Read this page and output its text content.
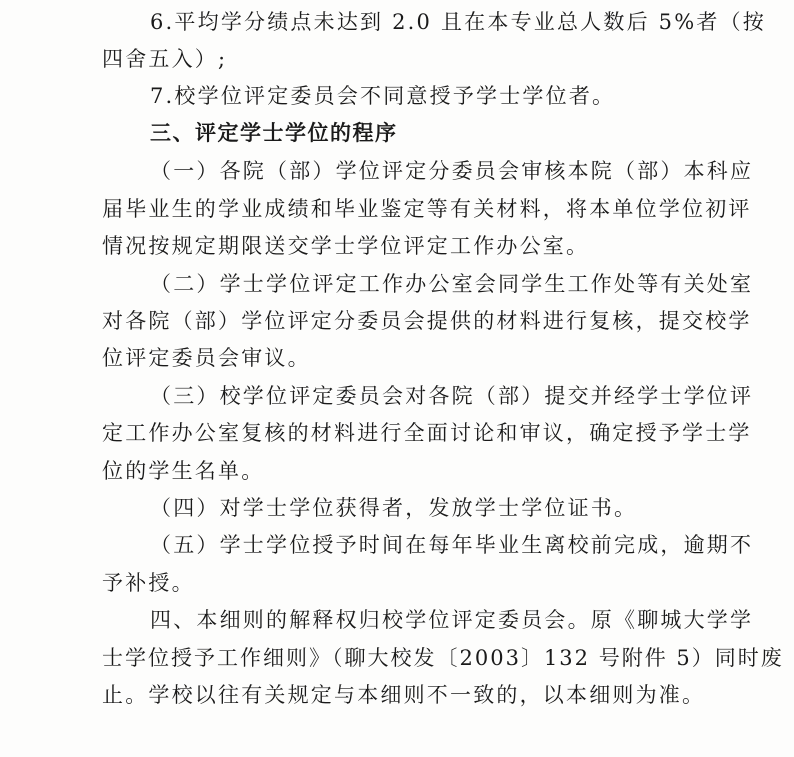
6.平均学分绩点未达到 2.0 且在本专业总人数后 5%者（按
四舍五入）;
7.校学位评定委员会不同意授予学士学位者。
三、评定学士学位的程序
（一）各院（部）学位评定分委员会审核本院（部）本科应
届毕业生的学业成绩和毕业鉴定等有关材料，将本单位学位初评
情况按规定期限送交学士学位评定工作办公室。
（二）学士学位评定工作办公室会同学生工作处等有关处室
对各院（部）学位评定分委员会提供的材料进行复核，提交校学
位评定委员会审议。
（三）校学位评定委员会对各院（部）提交并经学士学位评
定工作办公室复核的材料进行全面讨论和审议，确定授予学士学
位的学生名单。
（四）对学士学位获得者，发放学士学位证书。
（五）学士学位授予时间在每年毕业生离校前完成，逾期不
予补授。
四、本细则的解释权归校学位评定委员会。原《聊城大学学
士学位授予工作细则》（聊大校发〔2003〕132 号附件 5）同时废
止。学校以往有关规定与本细则不一致的，以本细则为准。
